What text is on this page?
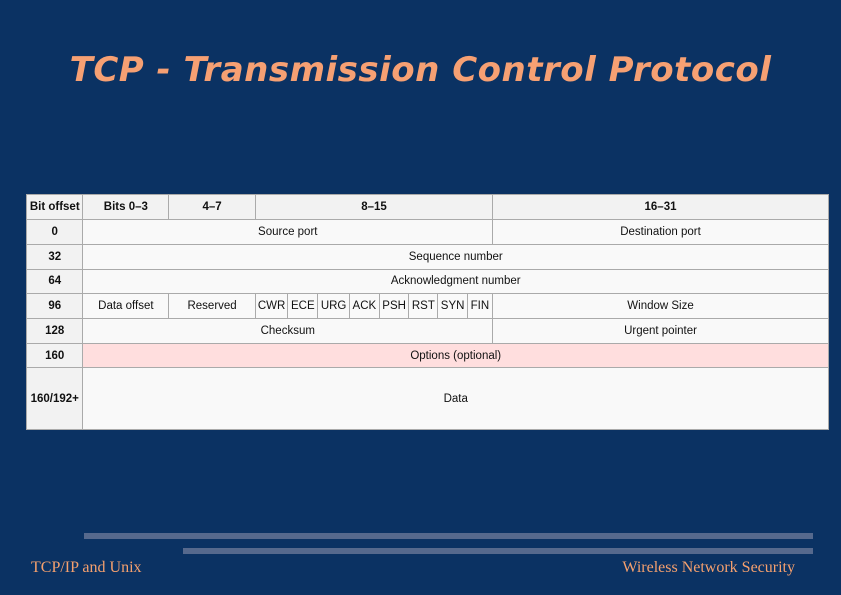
TCP - Transmission Control Protocol
Bit offset	Bits 0–3	4–7	8–15								16–31
0	Source port										Destination port
32	Sequence number										
64	Acknowledgment number										
96	Data offset	Reserved	CWR	ECE	URG	ACK	PSH	RST	SYN	FIN	Window Size
128	Checksum										Urgent pointer
160	Options (optional)										
160/192+	Data										
TCP/IP and Unix	Wireless Network Security
